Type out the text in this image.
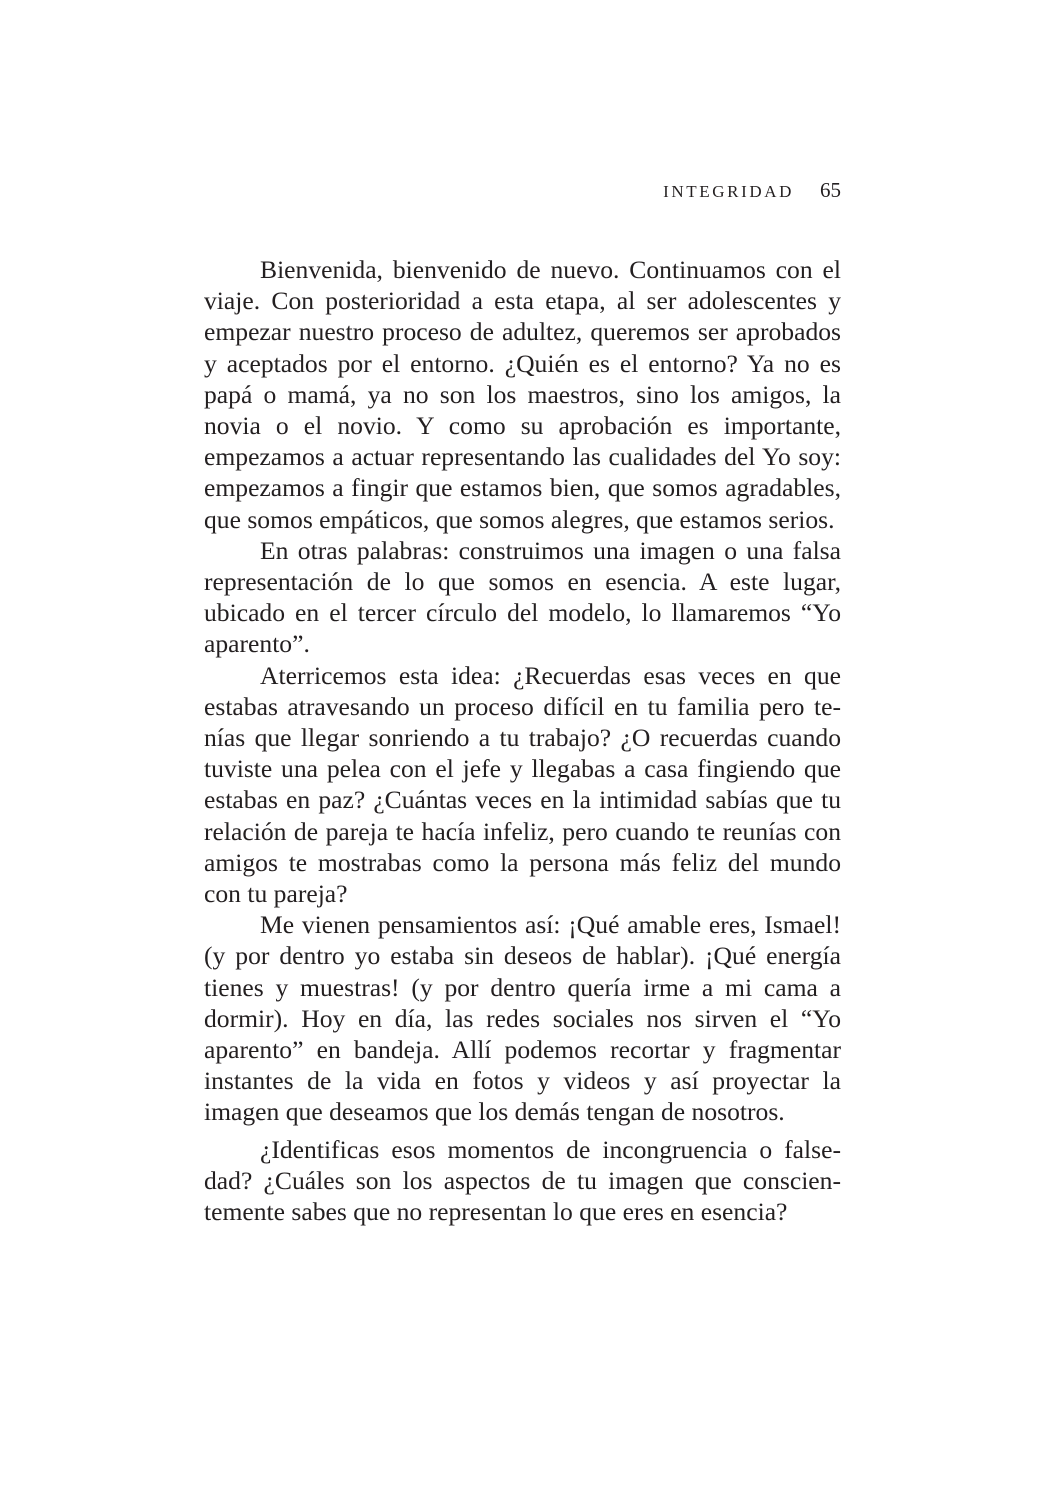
INTEGRIDAD 65

Bienvenida, bienvenido de nuevo. Continuamos con el viaje. Con posterioridad a esta etapa, al ser adolescentes y empezar nuestro proceso de adultez, queremos ser aprobados y aceptados por el entorno. ¿Quién es el entorno? Ya no es papá o mamá, ya no son los maestros, sino los amigos, la novia o el novio. Y como su aprobación es importante, empezamos a actuar representando las cualidades del Yo soy: empezamos a fingir que estamos bien, que somos agradables, que somos empáticos, que somos alegres, que estamos serios.

En otras palabras: construimos una imagen o una falsa representación de lo que somos en esencia. A este lugar, ubicado en el tercer círculo del modelo, lo llamaremos “Yo aparento”.

Aterricemos esta idea: ¿Recuerdas esas veces en que estabas atravesando un proceso difícil en tu familia pero tenías que llegar sonriendo a tu trabajo? ¿O recuerdas cuando tuviste una pelea con el jefe y llegabas a casa fingiendo que estabas en paz? ¿Cuántas veces en la intimidad sabías que tu relación de pareja te hacía infeliz, pero cuando te reunías con amigos te mostrabas como la persona más feliz del mundo con tu pareja?

Me vienen pensamientos así: ¡Qué amable eres, Ismael! (y por dentro yo estaba sin deseos de hablar). ¡Qué energía tienes y muestras! (y por dentro quería irme a mi cama a dormir). Hoy en día, las redes sociales nos sirven el “Yo aparento” en bandeja. Allí podemos recortar y fragmentar instantes de la vida en fotos y videos y así proyectar la imagen que deseamos que los demás tengan de nosotros.

¿Identificas esos momentos de incongruencia o falsedad? ¿Cuáles son los aspectos de tu imagen que conscientemente sabes que no representan lo que eres en esencia?
